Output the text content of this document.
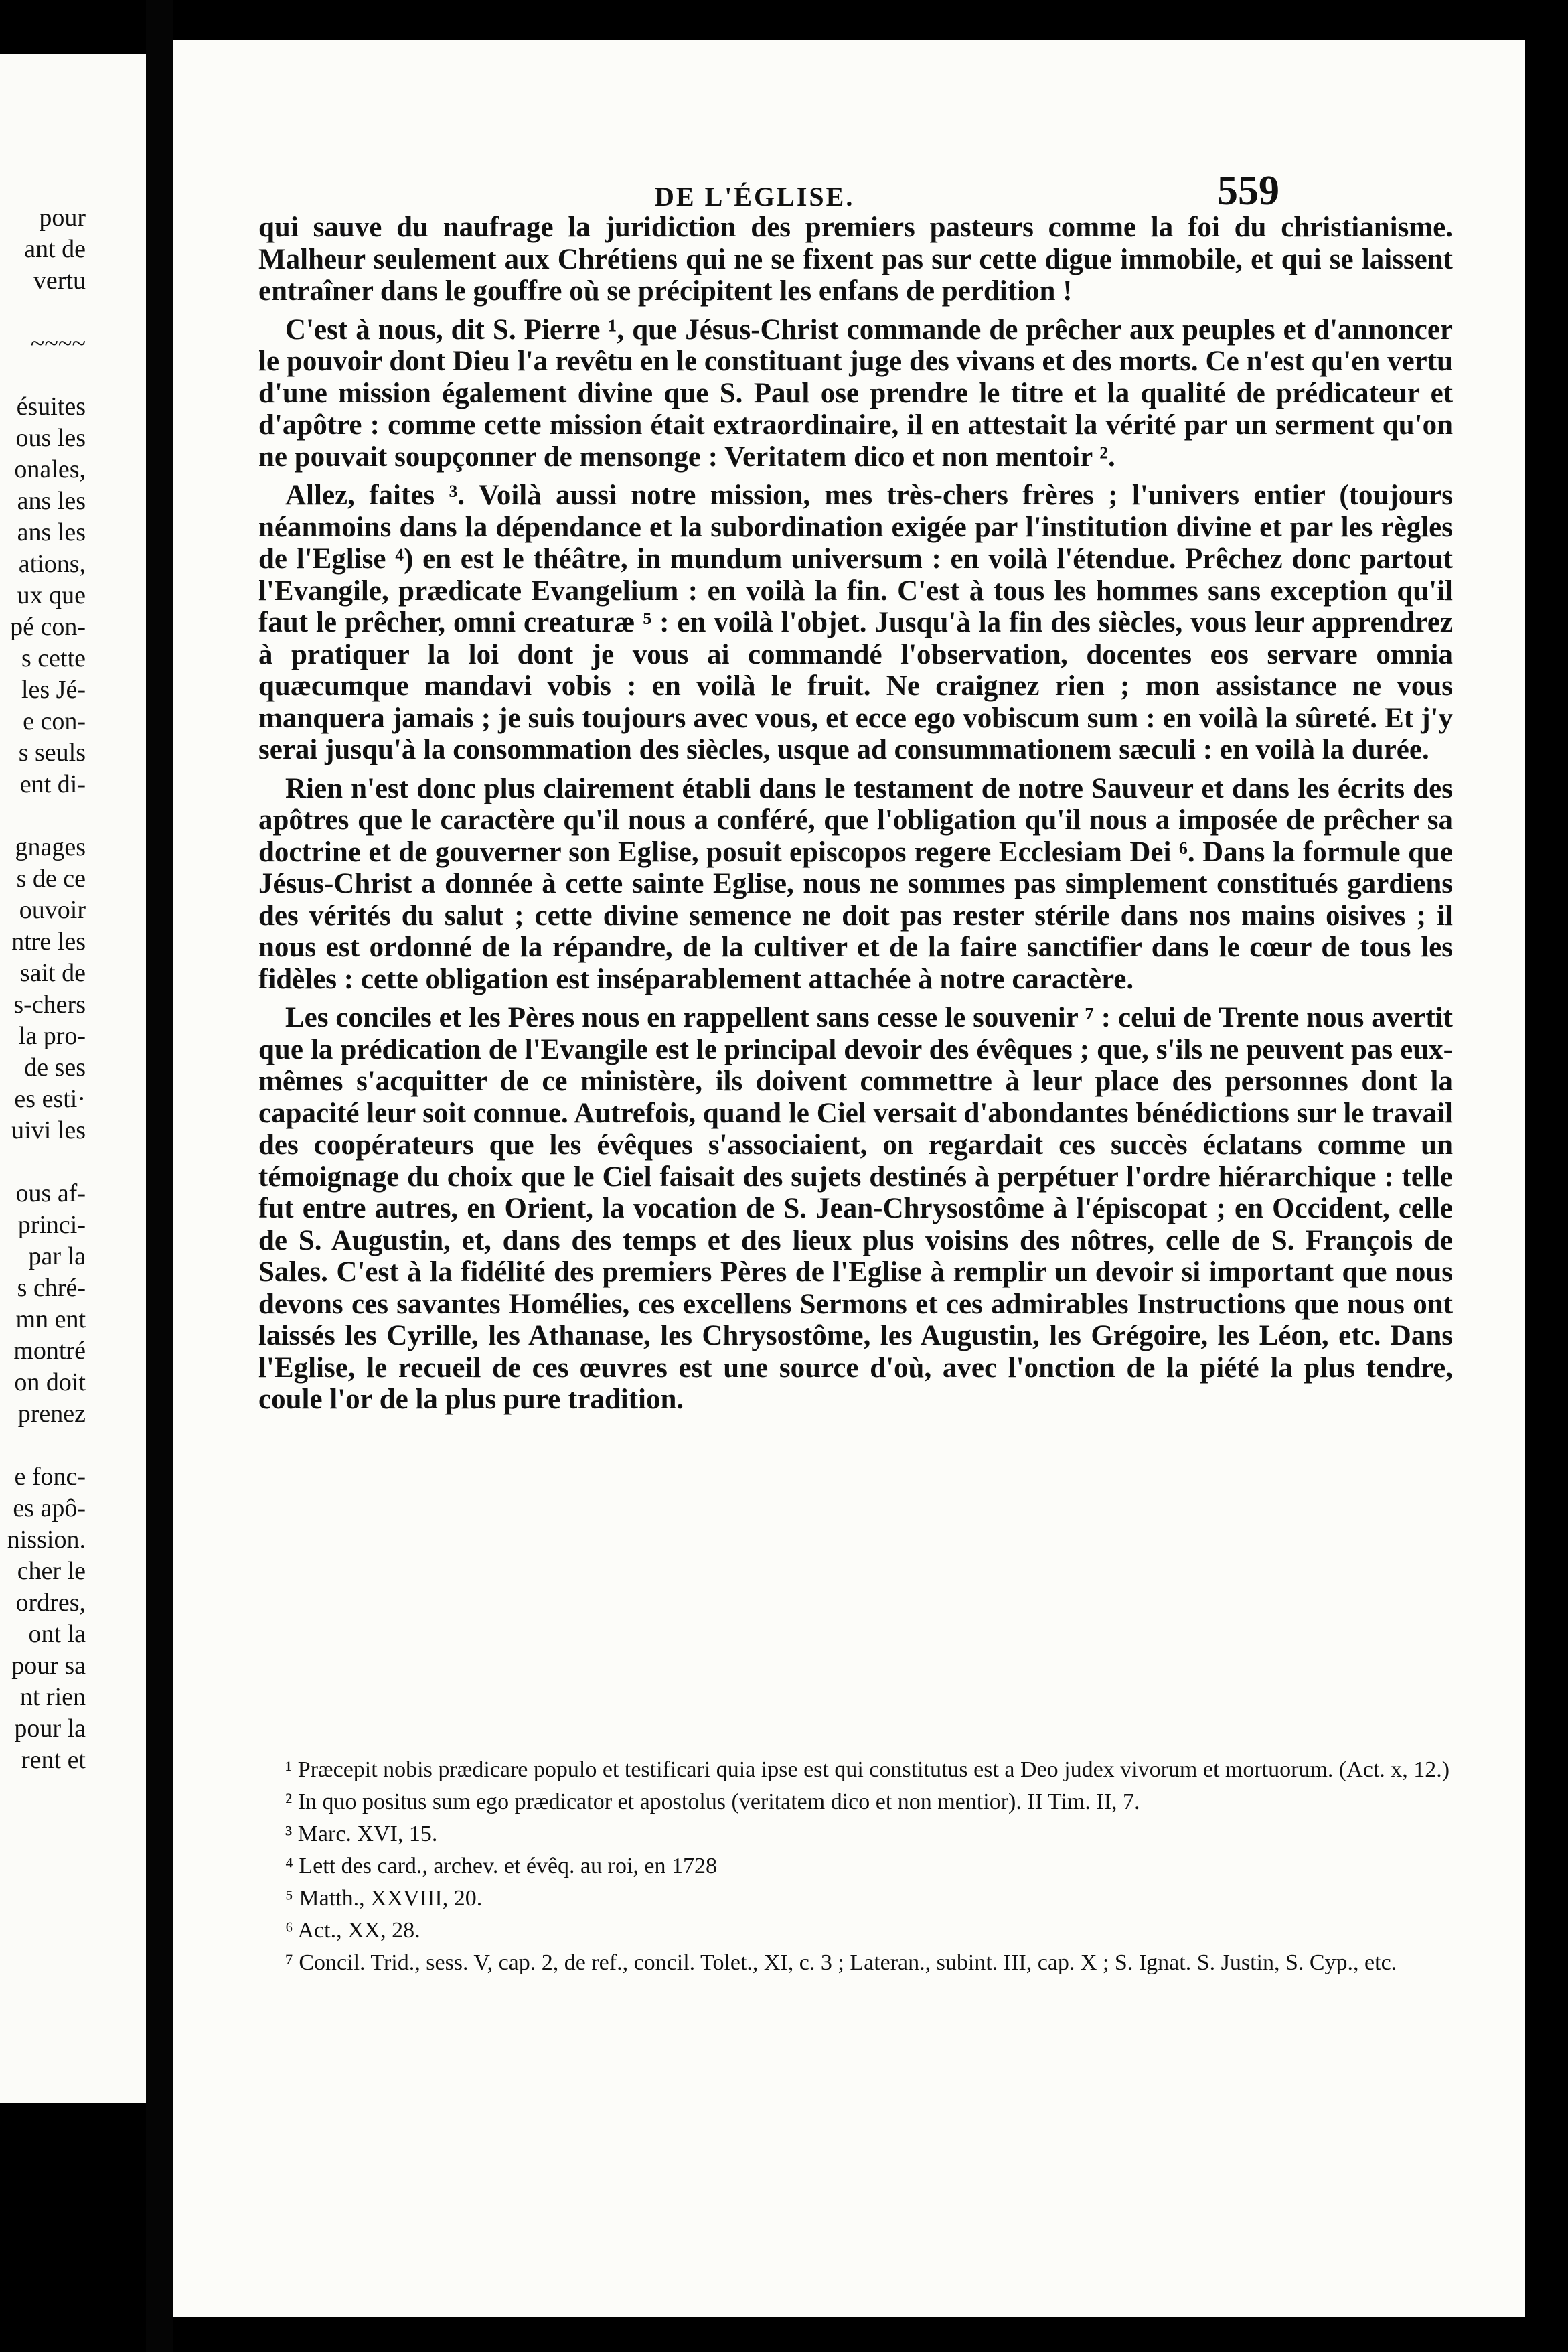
pour
ant de
vertu
~~~~
ésuites
ous les
onales,
ans les
ans les
ations,
ux que
pé con-
s cette
les Jé-
e con-
s seuls
ent di-
gnages
s de ce
ouvoir
ntre les
sait de
s-chers
la pro-
de ses
es esti·
uivi les
ous af-
princi-
par la
s chré-
mn ent
montré
on doit
prenez
e fonc-
es apô-
nission.
cher le
ordres,
ont la
pour sa
nt rien
pour la
rent et
DE L'ÉGLISE.	559

qui sauve du naufrage la juridiction des premiers pasteurs comme la foi du christianisme. Malheur seulement aux Chrétiens qui ne se fixent pas sur cette digue immobile, et qui se laissent entraîner dans le gouffre où se précipitent les enfans de perdition !

C'est à nous, dit S. Pierre ¹, que Jésus-Christ commande de prêcher aux peuples et d'annoncer le pouvoir dont Dieu l'a revêtu en le constituant juge des vivans et des morts. Ce n'est qu'en vertu d'une mission également divine que S. Paul ose prendre le titre et la qualité de prédicateur et d'apôtre : comme cette mission était extraordinaire, il en attestait la vérité par un serment qu'on ne pouvait soupçonner de mensonge : Veritatem dico et non mentoir ².

Allez, faites ³. Voilà aussi notre mission, mes très-chers frères ; l'univers entier (toujours néanmoins dans la dépendance et la subordination exigée par l'institution divine et par les règles de l'Eglise ⁴) en est le théâtre, in mundum universum : en voilà l'étendue. Prêchez donc partout l'Evangile, prædicate Evangelium : en voilà la fin. C'est à tous les hommes sans exception qu'il faut le prêcher, omni creaturæ ⁵ : en voilà l'objet. Jusqu'à la fin des siècles, vous leur apprendrez à pratiquer la loi dont je vous ai commandé l'observation, docentes eos servare omnia quæcumque mandavi vobis : en voilà le fruit. Ne craignez rien ; mon assistance ne vous manquera jamais ; je suis toujours avec vous, et ecce ego vobiscum sum : en voilà la sûreté. Et j'y serai jusqu'à la consommation des siècles, usque ad consummationem sæculi : en voilà la durée.

Rien n'est donc plus clairement établi dans le testament de notre Sauveur et dans les écrits des apôtres que le caractère qu'il nous a conféré, que l'obligation qu'il nous a imposée de prêcher sa doctrine et de gouverner son Eglise, posuit episcopos regere Ecclesiam Dei ⁶. Dans la formule que Jésus-Christ a donnée à cette sainte Eglise, nous ne sommes pas simplement constitués gardiens des vérités du salut ; cette divine semence ne doit pas rester stérile dans nos mains oisives ; il nous est ordonné de la répandre, de la cultiver et de la faire sanctifier dans le cœur de tous les fidèles : cette obligation est inséparablement attachée à notre caractère.

Les conciles et les Pères nous en rappellent sans cesse le souvenir ⁷ : celui de Trente nous avertit que la prédication de l'Evangile est le principal devoir des évêques ; que, s'ils ne peuvent pas eux-mêmes s'acquitter de ce ministère, ils doivent commettre à leur place des personnes dont la capacité leur soit connue. Autrefois, quand le Ciel versait d'abondantes bénédictions sur le travail des coopérateurs que les évêques s'associaient, on regardait ces succès éclatans comme un témoignage du choix que le Ciel faisait des sujets destinés à perpétuer l'ordre hiérarchique : telle fut entre autres, en Orient, la vocation de S. Jean-Chrysostôme à l'épiscopat ; en Occident, celle de S. Augustin, et, dans des temps et des lieux plus voisins des nôtres, celle de S. François de Sales. C'est à la fidélité des premiers Pères de l'Eglise à remplir un devoir si important que nous devons ces savantes Homélies, ces excellens Sermons et ces admirables Instructions que nous ont laissés les Cyrille, les Athanase, les Chrysostôme, les Augustin, les Grégoire, les Léon, etc. Dans l'Eglise, le recueil de ces œuvres est une source d'où, avec l'onction de la piété la plus tendre, coule l'or de la plus pure tradition.

¹ Præcepit nobis prædicare populo et testificari quia ipse est qui constitutus est a Deo judex vivorum et mortuorum. (Act. x, 12.)
² In quo positus sum ego prædicator et apostolus (veritatem dico et non mentior). II Tim. II, 7.
³ Marc. XVI, 15.
⁴ Lett des card., archev. et évêq. au roi, en 1728
⁵ Matth., XXVIII, 20.
⁶ Act., XX, 28.
⁷ Concil. Trid., sess. V, cap. 2, de ref., concil. Tolet., XI, c. 3 ; Lateran., subint. III, cap. X ; S. Ignat. S. Justin, S. Cyp., etc.
